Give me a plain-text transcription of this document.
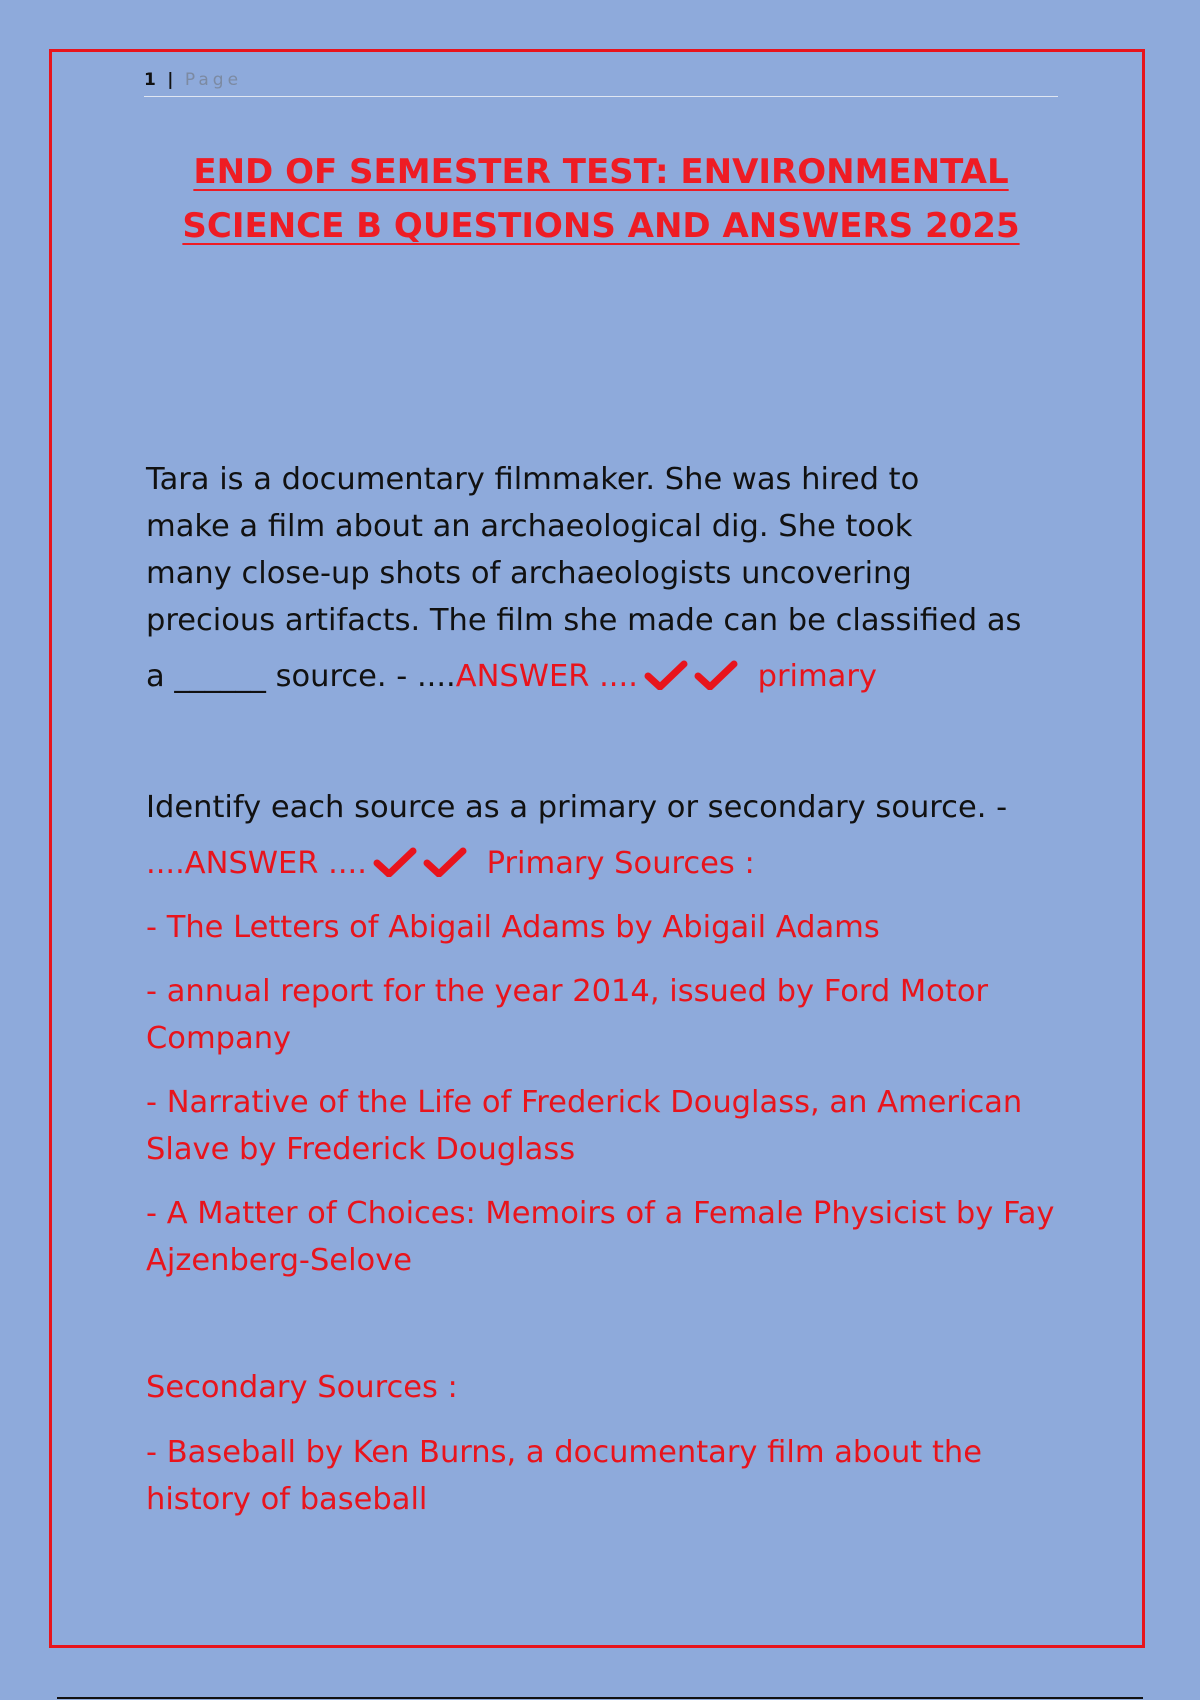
1 | Page
END OF SEMESTER TEST: ENVIRONMENTAL
SCIENCE B QUESTIONS AND ANSWERS 2025
Tara is a documentary filmmaker. She was hired to
make a film about an archaeological dig. She took
many close-up shots of archaeologists uncovering
precious artifacts. The film she made can be classified as
a ______ source. - ....ANSWER ....	primary
Identify each source as a primary or secondary source. -
....ANSWER ....	Primary Sources :
- The Letters of Abigail Adams by Abigail Adams
- annual report for the year 2014, issued by Ford Motor Company
- Narrative of the Life of Frederick Douglass, an American Slave by Frederick Douglass
- A Matter of Choices: Memoirs of a Female Physicist by Fay Ajzenberg-Selove
Secondary Sources :
- Baseball by Ken Burns, a documentary film about the history of baseball
